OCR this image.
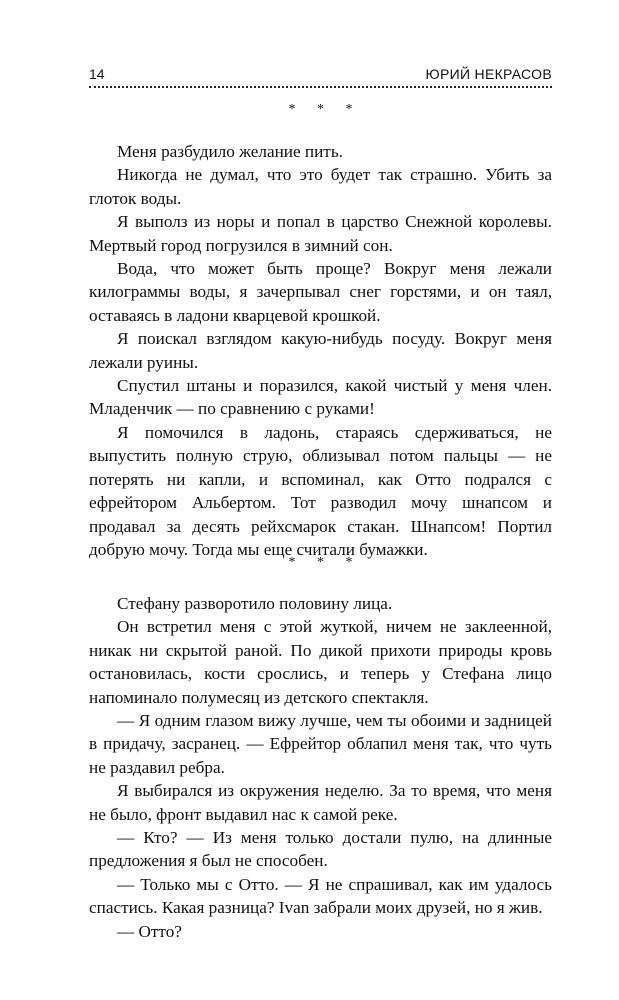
14	ЮРИЙ НЕКРАСОВ
* * *

Меня разбудило желание пить.

Никогда не думал, что это будет так страшно. Убить за глоток воды.

Я выполз из норы и попал в царство Снежной королевы. Мертвый город погрузился в зимний сон.

Вода, что может быть проще? Вокруг меня лежали килограммы воды, я зачерпывал снег горстями, и он таял, оставаясь в ладони кварцевой крошкой.

Я поискал взглядом какую-нибудь посуду. Вокруг меня лежали руины.

Спустил штаны и поразился, какой чистый у меня член. Младенчик — по сравнению с руками!

Я помочился в ладонь, стараясь сдерживаться, не выпустить полную струю, облизывал потом пальцы — не потерять ни капли, и вспоминал, как Отто подрался с ефрейтором Альбертом. Тот разводил мочу шнапсом и продавал за десять рейхсмарок стакан. Шнапсом! Портил добрую мочу. Тогда мы еще считали бумажки.

* * *

Стефану разворотило половину лица.

Он встретил меня с этой жуткой, ничем не заклеенной, никак ни скрытой раной. По дикой прихоти природы кровь остановилась, кости срослись, и теперь у Стефана лицо напоминало полумесяц из детского спектакля.

— Я одним глазом вижу лучше, чем ты обоими и задницей в придачу, засранец. — Ефрейтор облапил меня так, что чуть не раздавил ребра.

Я выбирался из окружения неделю. За то время, что меня не было, фронт выдавил нас к самой реке.

— Кто? — Из меня только достали пулю, на длинные предложения я был не способен.

— Только мы с Отто. — Я не спрашивал, как им удалось спастись. Какая разница? Ivan забрали моих друзей, но я жив.

— Отто?
